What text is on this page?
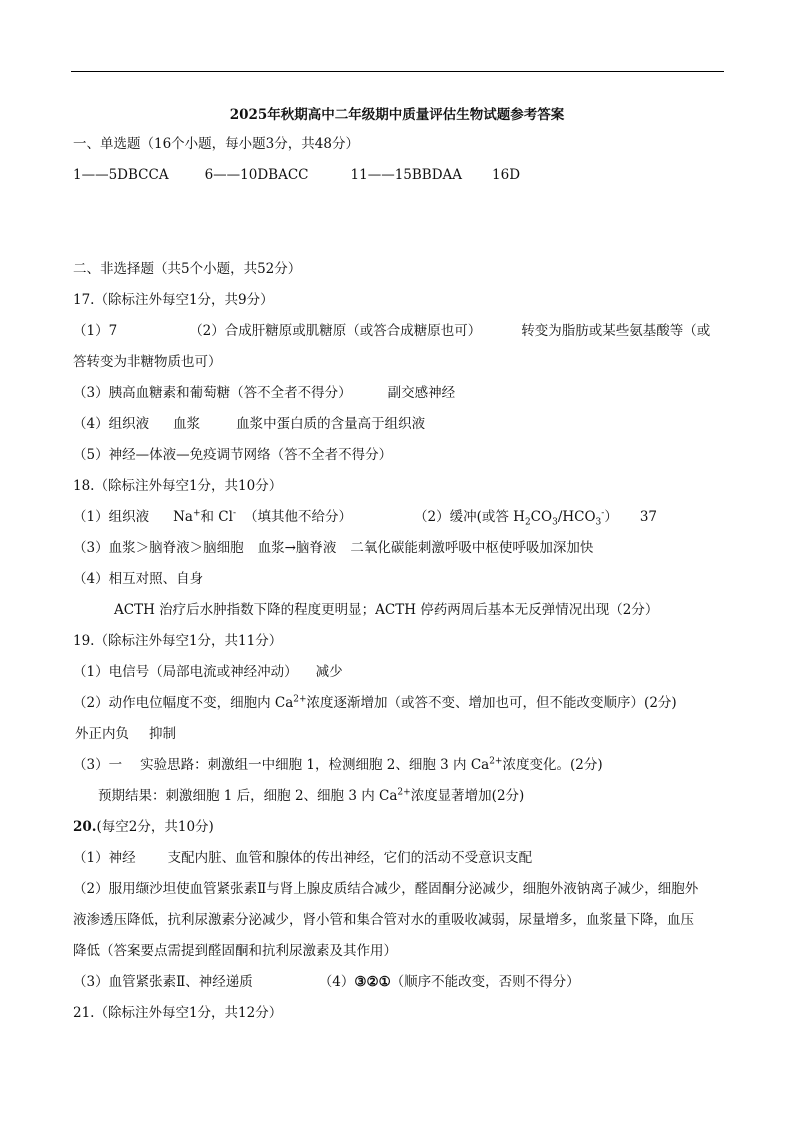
2025年秋期高中二年级期中质量评估生物试题参考答案
一、单选题（16个小题，每小题3分，共48分）
1——5DBCCA	6——10DBACC	11——15BBDAA 16D
二、非选择题（共5个小题，共52分）
17.（除标注外每空1分，共9分）
（1）7	（2）合成肝糖原或肌糖原（或答合成糖原也可）	转变为脂肪或某些氨基酸等（或
答转变为非糖物质也可）
（3）胰高血糖素和葡萄糖（答不全者不得分）	副交感神经
（4）组织液 血浆	血浆中蛋白质的含量高于组织液
（5）神经—体液—免疫调节网络（答不全者不得分）
18.（除标注外每空1分，共10分）
（1）组织液 Na+和 Cl- （填其他不给分）	（2）缓冲(或答 $H_2CO_3/HCO_3^-$） 37
（3）血浆＞脑脊液＞脑细胞 血浆→脑脊液 二氧化碳能刺激呼吸中枢使呼吸加深加快
（4）相互对照、自身
ACTH 治疗后水肿指数下降的程度更明显；ACTH 停药两周后基本无反弹情况出现（2分）
19.（除标注外每空1分，共11分）
（1）电信号（局部电流或神经冲动） 减少
（2）动作电位幅度不变，细胞内 $Ca^{2+}$浓度逐渐增加（或答不变、增加也可，但不能改变顺序）(2分)
外正内负 抑制
（3）一 实验思路：刺激组一中细胞 1，检测细胞 2、细胞 3 内 $Ca^{2+}$浓度变化。(2分)
预期结果：刺激细胞 1 后，细胞 2、细胞 3 内 $Ca^{2+}$浓度显著增加(2分)
20.(每空2分，共10分)
（1）神经 支配内脏、血管和腺体的传出神经，它们的活动不受意识支配
（2）服用缬沙坦使血管紧张素Ⅱ与肾上腺皮质结合减少，醛固酮分泌减少，细胞外液钠离子减少，细胞外
液渗透压降低，抗利尿激素分泌减少，肾小管和集合管对水的重吸收减弱，尿量增多，血浆量下降，血压
降低（答案要点需提到醛固酮和抗利尿激素及其作用）
（3）血管紧张素Ⅱ、神经递质	（4）③②①（顺序不能改变，否则不得分）
21.（除标注外每空1分，共12分）
